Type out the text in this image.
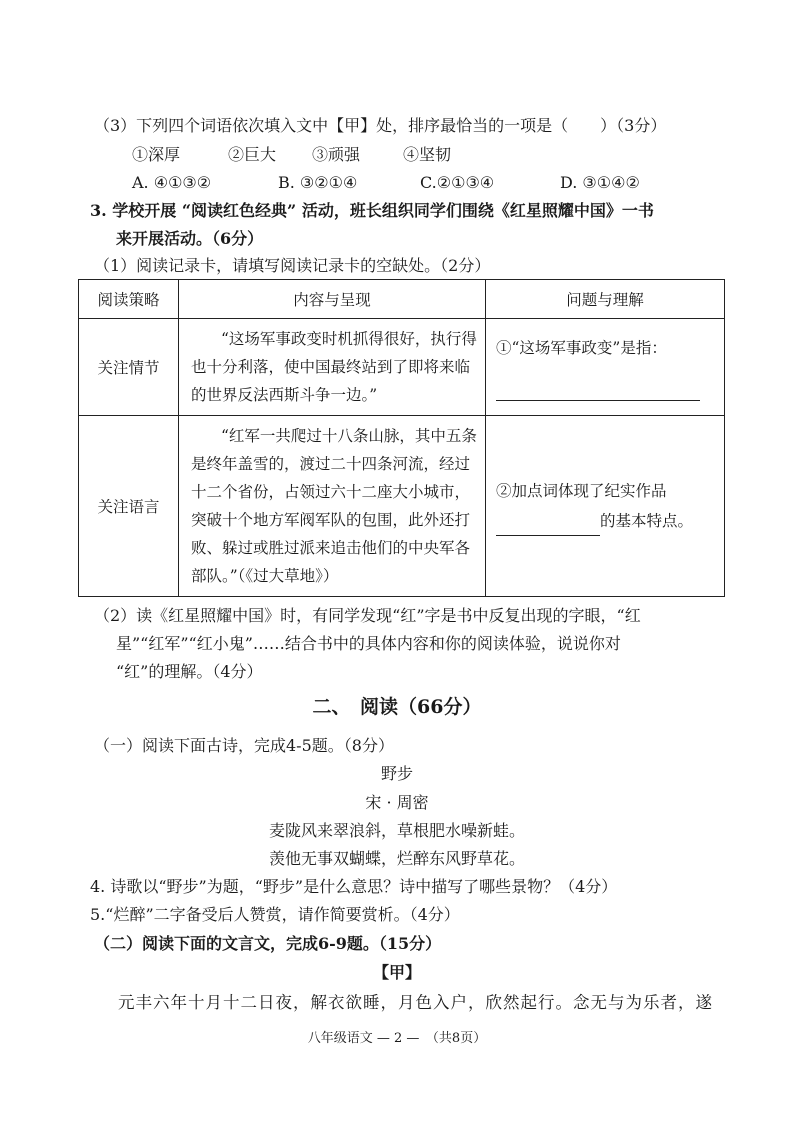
（3）下列四个词语依次填入文中【甲】处，排序最恰当的一项是（　　）（3分）
①深厚	②巨大 ③顽强	④坚韧
A. ④①③②	B. ③②①④	C.②①③④	D. ③①④②
3. 学校开展 “阅读红色经典” 活动，班长组织同学们围绕《红星照耀中国》一书
来开展活动。（6分）
（1）阅读记录卡，请填写阅读记录卡的空缺处。（2分）
阅读策略	内容与呈现	问题与理解
关注情节	“这场军事政变时机抓得很好，执行得也十分利落，使中国最终站到了即将来临的世界反法西斯斗争一边。”	①“这场军事政变”是指：

关注语言	“红军一共爬过十八条山脉，其中五条是终年盖雪的，渡过二十四条河流，经过十二个省份，占领过六十二座大小城市，突破十个地方军阀军队的包围，此外还打败、躲过或胜过派来追击他们的中央军各部队。”（《过大草地》）	②加点词体现了纪实作品
的基本特点。
（2）读《红星照耀中国》时，有同学发现“红”字是书中反复出现的字眼，“红
星”“红军”“红小鬼”……结合书中的具体内容和你的阅读体验，说说你对
“红”的理解。（4分）
二、　阅读（66分）
（一）阅读下面古诗，完成4-5题。（8分）
野步
宋 · 周密
麦陇风来翠浪斜，草根肥水噪新蛙。
羡他无事双蝴蝶，烂醉东风野草花。
4. 诗歌以“野步”为题，“野步”是什么意思？诗中描写了哪些景物？（4分）
5.“烂醉”二字备受后人赞赏，请作简要赏析。（4分）
（二）阅读下面的文言文，完成6-9题。（15分）
【甲】
元丰六年十月十二日夜，解衣欲睡，月色入户，欣然起行。念无与为乐者，遂
八年级语文 — 2 —　（共8页）
